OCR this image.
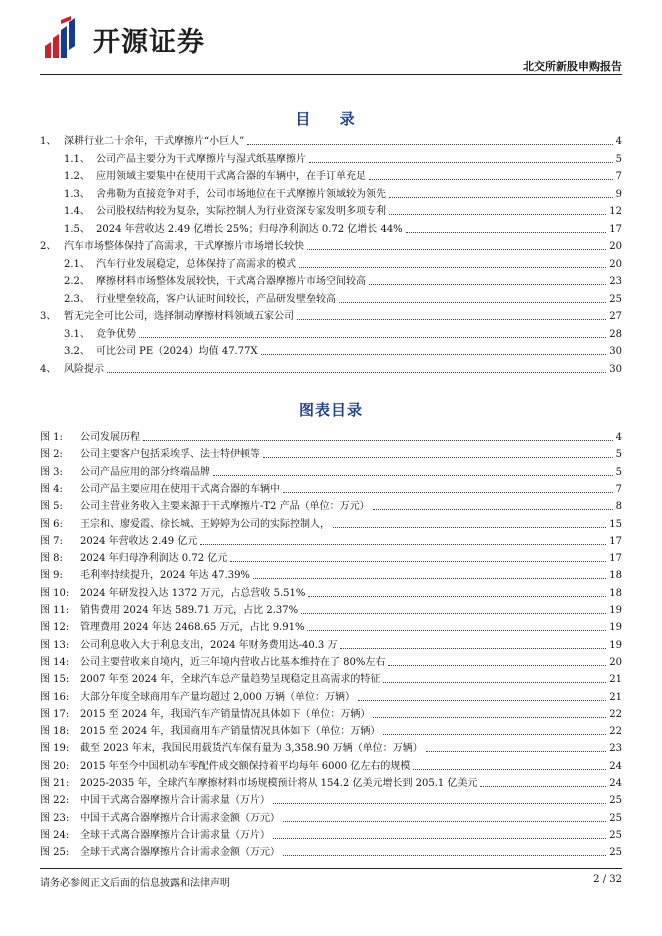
开源证券
北交所新股申购报告
目 录
1、 深耕行业二十余年，干式摩擦片“小巨人”	4
1.1、 公司产品主要分为干式摩擦片与湿式纸基摩擦片	5
1.2、 应用领域主要集中在使用干式离合器的车辆中，在手订单充足	7
1.3、 舍弗勒为直接竞争对手，公司市场地位在干式摩擦片领域较为领先	9
1.4、 公司股权结构较为复杂，实际控制人为行业资深专家发明多项专利	12
1.5、 2024 年营收达 2.49 亿增长 25%；归母净利润达 0.72 亿增长 44%	17
2、 汽车市场整体保持了高需求，干式摩擦片市场增长较快	20
2.1、 汽车行业发展稳定，总体保持了高需求的模式	20
2.2、 摩擦材料市场整体发展较快，干式离合器摩擦片市场空间较高	23
2.3、 行业壁垒较高，客户认证时间较长，产品研发壁垒较高	25
3、 暂无完全可比公司，选择制动摩擦材料领域五家公司	27
3.1、 竞争优势	28
3.2、 可比公司 PE（2024）均值 47.77X	30
4、 风险提示	30
图表目录
图 1: 公司发展历程	4
图 2: 公司主要客户包括采埃孚、法士特伊顿等	5
图 3: 公司产品应用的部分终端品牌	5
图 4: 公司产品主要应用在使用干式离合器的车辆中	7
图 5: 公司主营业务收入主要来源于干式摩擦片-T2 产品（单位：万元）	8
图 6: 王宗和、廖爱霞、徐长城、王婷婷为公司的实际控制人，	15
图 7: 2024 年营收达 2.49 亿元	17
图 8: 2024 年归母净利润达 0.72 亿元	17
图 9: 毛利率持续提升，2024 年达 47.39%	18
图 10: 2024 年研发投入达 1372 万元，占总营收 5.51%	18
图 11: 销售费用 2024 年达 589.71 万元，占比 2.37%	19
图 12: 管理费用 2024 年达 2468.65 万元，占比 9.91%	19
图 13: 公司利息收入大于利息支出，2024 年财务费用达-40.3 万	19
图 14: 公司主要营收来自境内，近三年境内营收占比基本维持在了 80%左右	20
图 15: 2007 年至 2024 年，全球汽车总产量趋势呈现稳定且高需求的特征	21
图 16: 大部分年度全球商用车产量均超过 2,000 万辆（单位：万辆）	21
图 17: 2015 至 2024 年，我国汽车产销量情况具体如下（单位：万辆）	22
图 18: 2015 至 2024 年，我国商用车产销量情况具体如下（单位：万辆）	22
图 19: 截至 2023 年末，我国民用载货汽车保有量为 3,358.90 万辆（单位：万辆）	23
图 20: 2015 年至今中国机动车零配件成交额保持着平均每年 6000 亿左右的规模	24
图 21: 2025-2035 年，全球汽车摩擦材料市场规模预计将从 154.2 亿美元增长到 205.1 亿美元	24
图 22: 中国干式离合器摩擦片合计需求量（万片）	25
图 23: 中国干式离合器摩擦片合计需求金额（万元）	25
图 24: 全球干式离合器摩擦片合计需求量（万片）	25
图 25: 全球干式离合器摩擦片合计需求金额（万元）	25
请务必参阅正文后面的信息披露和法律声明	2 / 32
